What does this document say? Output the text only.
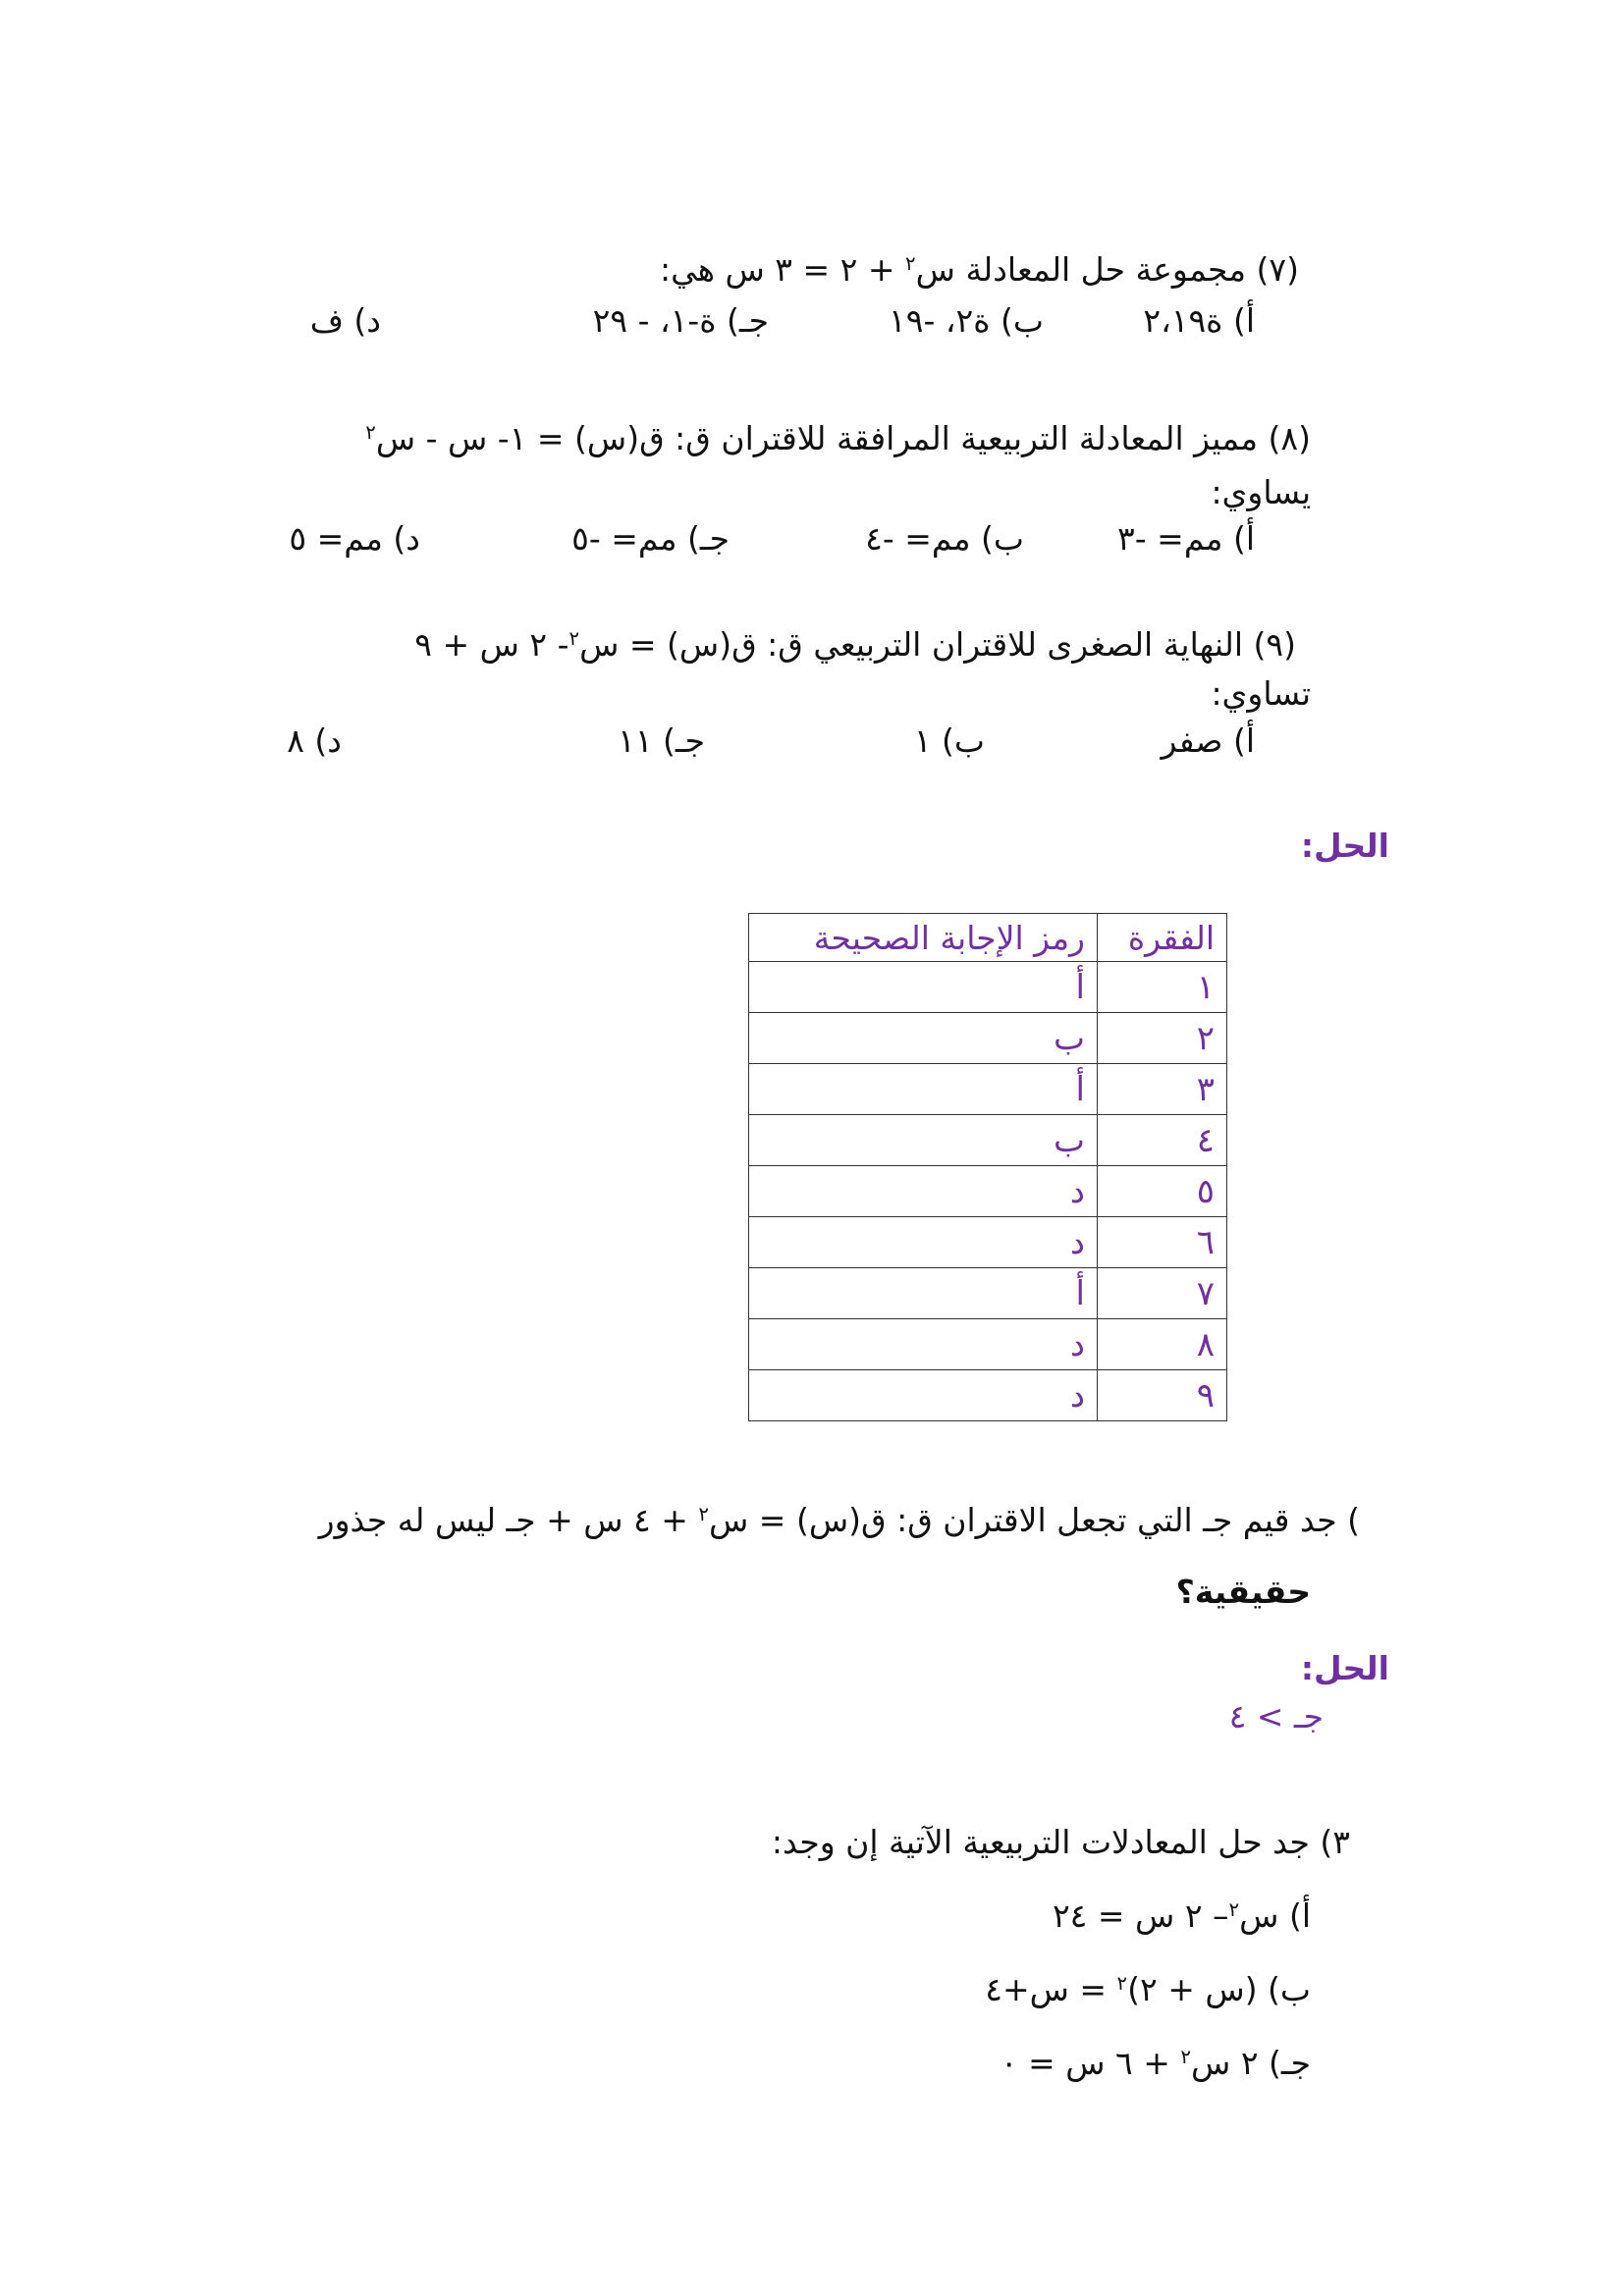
(٧) مجموعة حل المعادلة س$^٢$ + ٢ = ٣ س هي:
أ) ة٢،١٩
ب) ة٢، -١٩
جـ) ة-١، - ٢٩
د) ف
(٨) مميز المعادلة التربيعية المرافقة للاقتران ق: ق(س) = ١- س - س$^٢$
يساوي:
أ) مم= -٣
ب) مم= -٤
جـ) مم= -٥
د) مم= ٥
(٩) النهاية الصغرى للاقتران التربيعي ق: ق(س) = س$^٢$- ٢ س + ٩
تساوي:
أ) صفر
ب) ١
جـ) ١١
د) ٨
الحل:
الفقرة	رمز الإجابة الصحيحة
١	أ
٢	ب
٣	أ
٤	ب
٥	د
٦	د
٧	أ
٨	د
٩	د
) جد قيم جـ التي تجعل الاقتران ق: ق(س) = س$^٢$ + ٤ س + جـ ليس له جذور
حقيقية؟
الحل:
جـ > ٤
٣) جد حل المعادلات التربيعية الآتية إن وجد:
أ) س$^٢$– ٢ س = ٢٤
ب) (س + ٢)$^٢$ = س+٤
جـ) ٢ س$^٢$ + ٦ س = ٠
